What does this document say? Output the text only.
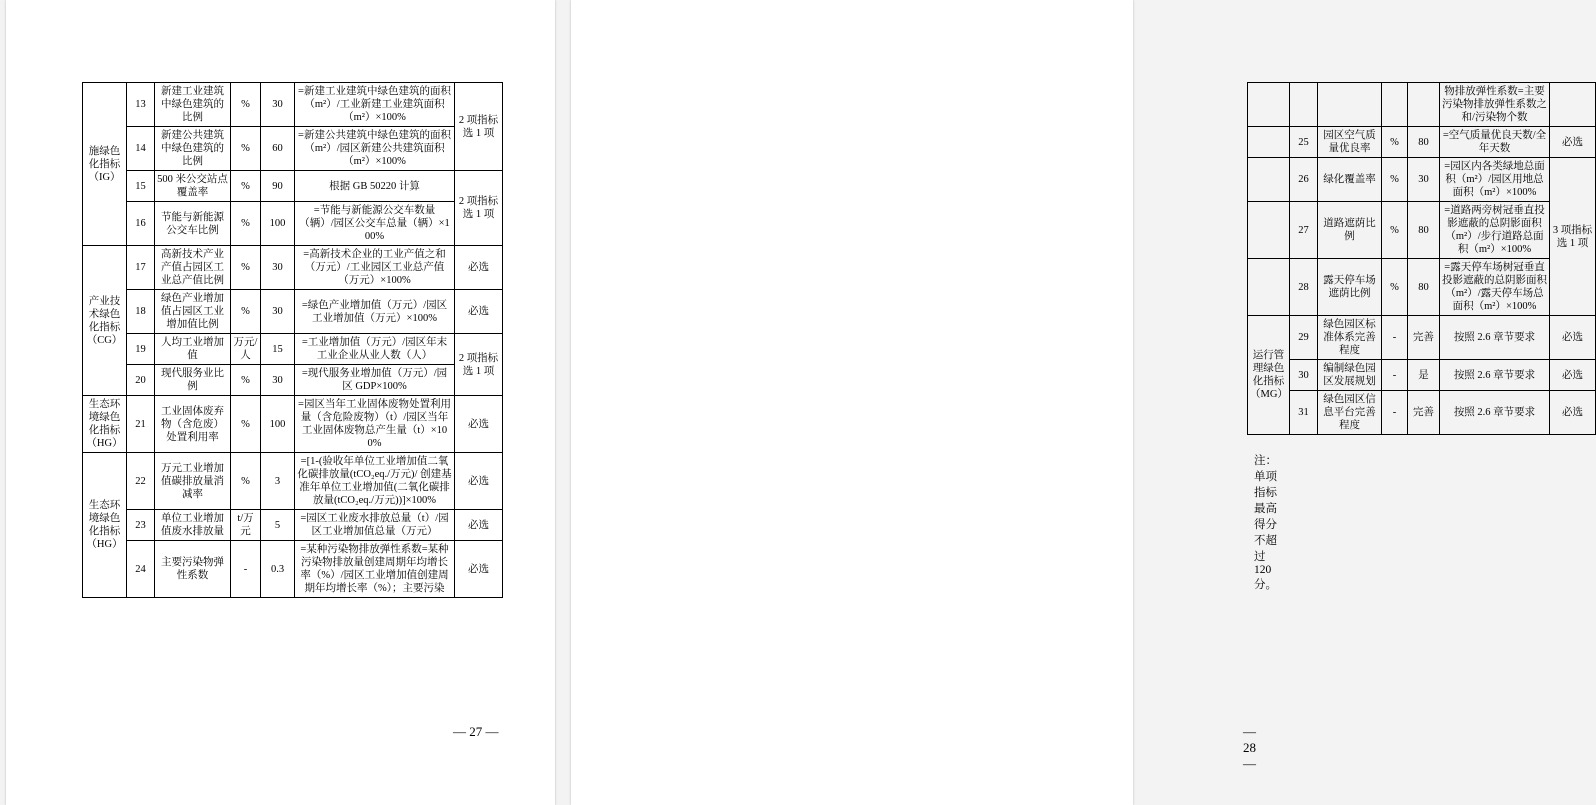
施绿色化指标（IG）	13	新建工业建筑中绿色建筑的比例	%	30	=新建工业建筑中绿色建筑的面积（m²）/工业新建工业建筑面积（m²）×100%	2 项指标选 1 项
	14	新建公共建筑中绿色建筑的比例	%	60	=新建公共建筑中绿色建筑的面积（m²）/园区新建公共建筑面积（m²）×100%	
	15	500 米公交站点覆盖率	%	90	根据 GB 50220 计算	2 项指标选 1 项
	16	节能与新能源公交车比例	%	100	=节能与新能源公交车数量（辆）/园区公交车总量（辆）×100%	
产业技术绿色化指标（CG）	17	高新技术产业产值占园区工业总产值比例	%	30	=高新技术企业的工业产值之和（万元）/工业园区工业总产值（万元）×100%	必选
	18	绿色产业增加值占园区工业增加值比例	%	30	=绿色产业增加值（万元）/园区工业增加值（万元）×100%	必选
	19	人均工业增加值	万元/人	15	=工业增加值（万元）/园区年末工业企业从业人数（人）	2 项指标选 1 项
	20	现代服务业比例	%	30	=现代服务业增加值（万元）/园区 GDP×100%	
生态环境绿色化指标（HG）	21	工业固体废弃物（含危废）处置利用率	%	100	=园区当年工业固体废物处置利用量（含危险废物）（t）/园区当年工业固体废物总产生量（t）×100%	必选
生态环境绿色化指标（HG）	22	万元工业增加值碳排放量消减率	%	3	=[1-(验收年单位工业增加值二氧化碳排放量(tCO₂eq./万元)/ 创建基准年单位工业增加值(二氧化碳排放量(tCO₂eq./万元))]×100%	必选
	23	单位工业增加值废水排放量	t/万元	5	=园区工业废水排放总量（t）/园区工业增加值总量（万元）	必选
	24	主要污染物弹性系数	-	0.3	=某种污染物排放弹性系数=某种污染物排放量创建周期年均增长率（%）/园区工业增加值创建周期年均增长率（%）；主要污染	必选
— 27 —
					物排放弹性系数=主要污染物排放弹性系数之和/污染物个数	
	25	园区空气质量优良率	%	80	=空气质量优良天数/全年天数	必选
	26	绿化覆盖率	%	30	=园区内各类绿地总面积（m²）/园区用地总面积（m²）×100%	3 项指标选 1 项
	27	道路遮荫比例	%	80	=道路两旁树冠垂直投影遮蔽的总阴影面积（m²）/步行道路总面积（m²）×100%	
	28	露天停车场遮荫比例	%	80	=露天停车场树冠垂直投影遮蔽的总阴影面积（m²）/露天停车场总面积（m²）×100%	
运行管理绿色化指标（MG）	29	绿色园区标准体系完善程度	-	完善	按照 2.6 章节要求	必选
	30	编制绿色园区发展规划	-	是	按照 2.6 章节要求	必选
	31	绿色园区信息平台完善程度	-	完善	按照 2.6 章节要求	必选
注：单项指标最高得分不超过 120 分。
— 28 —
